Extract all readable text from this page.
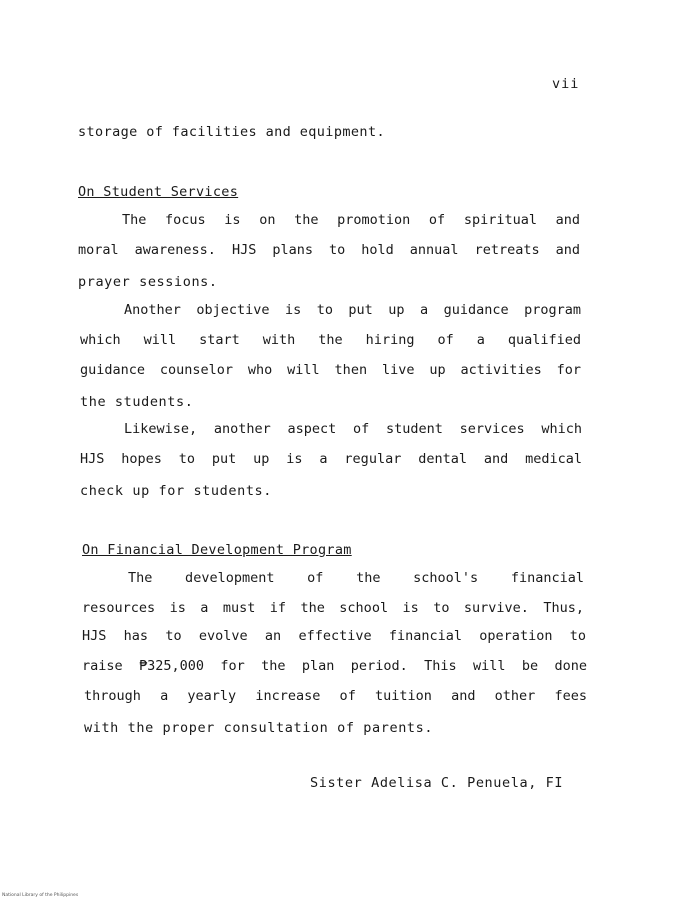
vii
storage of facilities and equipment.
On Student Services
The focus is on the promotion of spiritual and
moral awareness. HJS plans to hold annual retreats and
prayer sessions.
Another objective is to put up a guidance program
which will start with the hiring of a qualified
guidance counselor who will then live up activities for
the students.
Likewise, another aspect of student services which
HJS hopes to put up is a regular dental and medical
check up for students.
On Financial Development Program
The development of the school's financial
resources is a must if the school is to survive. Thus,
HJS has to evolve an effective financial operation to
raise ₱325,000 for the plan period. This will be done
through a yearly increase of tuition and other fees
with the proper consultation of parents.
Sister Adelisa C. Penuela, FI
National Library of the Philippines
